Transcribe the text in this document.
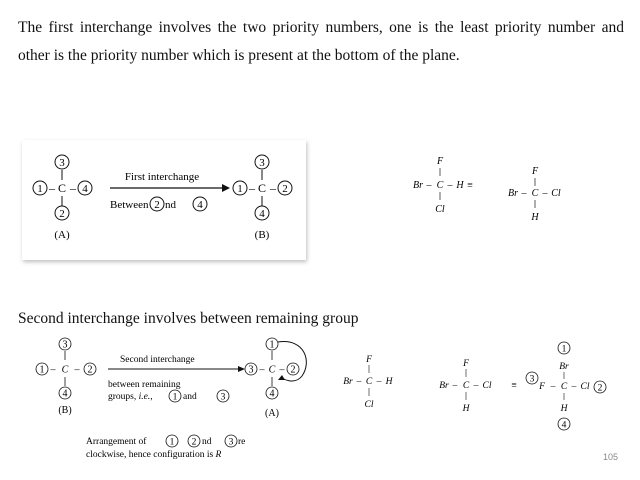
The first interchange involves the two priority numbers, one is the least priority number and other is the priority number which is present at the bottom of the plane.
3
1 – C – 4
2
(A)
First interchange
Between 2 nd 4
3
1 – C – 2
4
(B)
F
Br – C – H ≡
Cl
F
Br – C – Cl
H
Second interchange involves between remaining group
3
1 – C – 2
4
(B)
Second interchange
between remaining
groups, i.e., 1 and	3
1
3 – C – 2
4
(A)
Arrangement of 1 2 nd 3 re
clockwise, hence configuration is R
F
Br – C – H
Cl
F
Br – C – Cl
H
≡
1
Br
3
F – C – Cl 2
H
4
105
